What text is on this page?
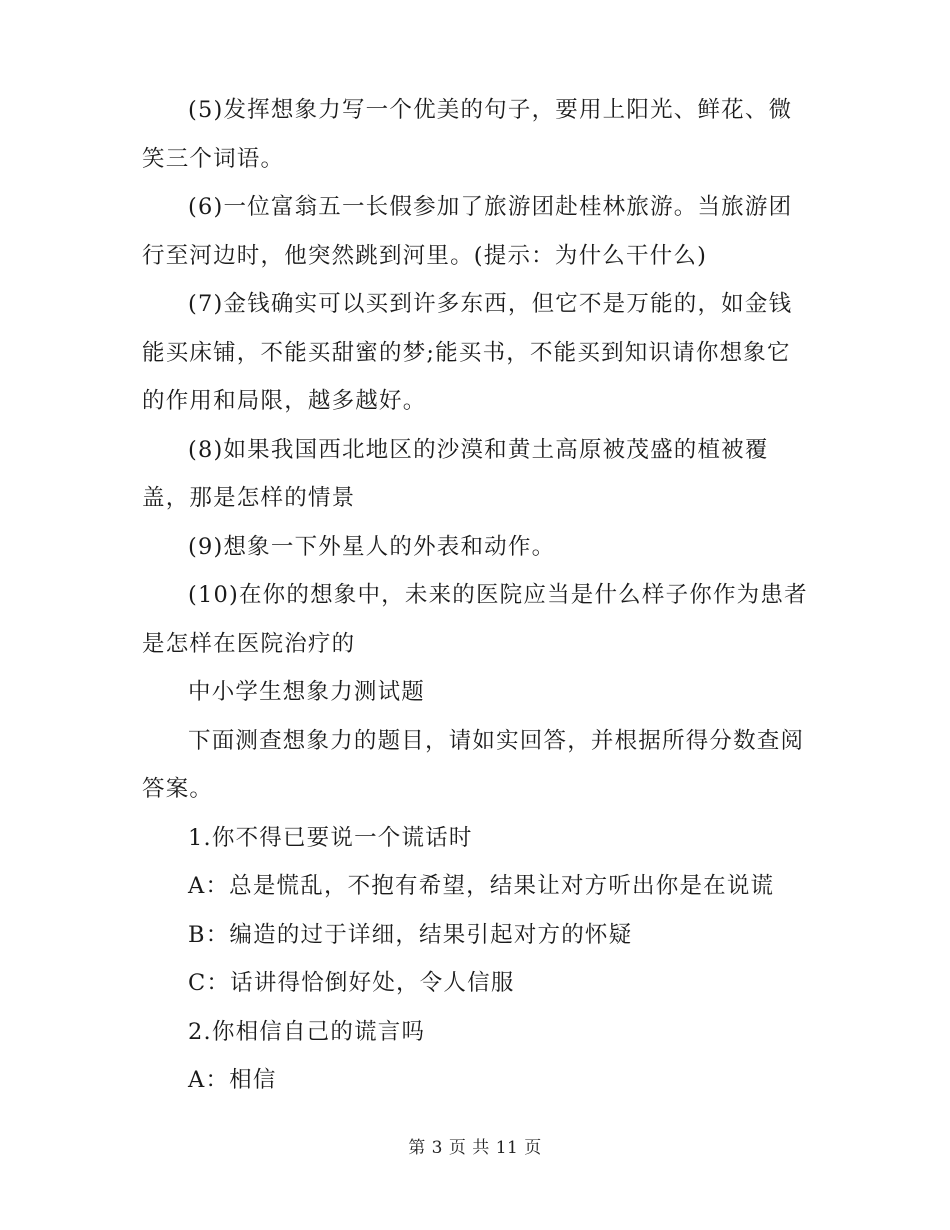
(5)发挥想象力写一个优美的句子，要用上阳光、鲜花、微笑三个词语。

(6)一位富翁五一长假参加了旅游团赴桂林旅游。当旅游团行至河边时，他突然跳到河里。(提示：为什么干什么)

(7)金钱确实可以买到许多东西，但它不是万能的，如金钱能买床铺，不能买甜蜜的梦;能买书，不能买到知识请你想象它的作用和局限，越多越好。

(8)如果我国西北地区的沙漠和黄土高原被茂盛的植被覆盖，那是怎样的情景

(9)想象一下外星人的外表和动作。

(10)在你的想象中，未来的医院应当是什么样子你作为患者是怎样在医院治疗的

中小学生想象力测试题

下面测查想象力的题目，请如实回答，并根据所得分数查阅答案。

1.你不得已要说一个谎话时

A：总是慌乱，不抱有希望，结果让对方听出你是在说谎

B：编造的过于详细，结果引起对方的怀疑

C：话讲得恰倒好处，令人信服

2.你相信自己的谎言吗

A：相信

第 3 页 共 11 页
